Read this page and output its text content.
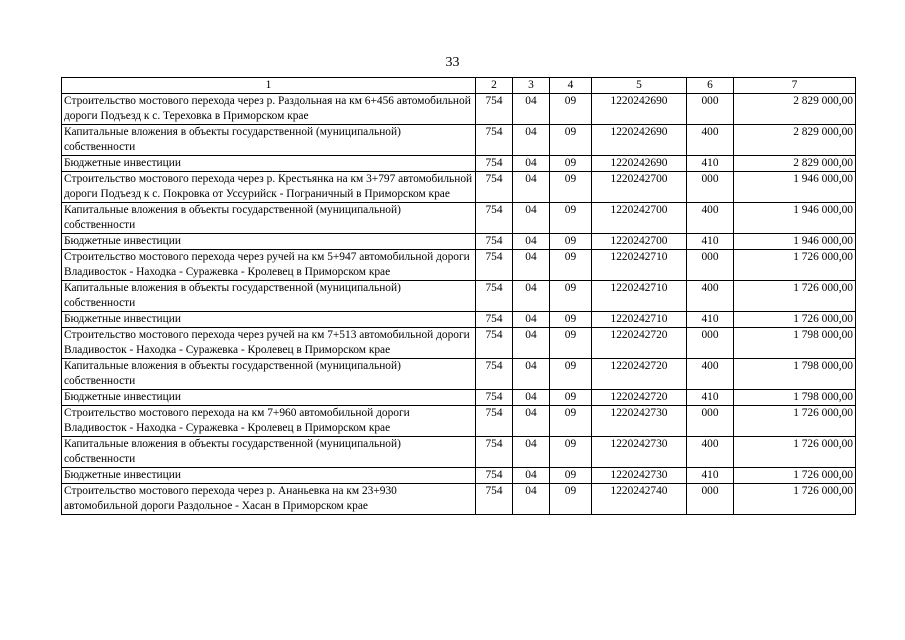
33
1	2	3	4	5	6	7
Строительство мостового перехода через р. Раздольная на км 6+456 автомобильной дороги Подъезд к с. Тереховка в Приморском крае	754	04	09	1220242690	000	2 829 000,00
Капитальные вложения в объекты государственной (муниципальной) собственности	754	04	09	1220242690	400	2 829 000,00
Бюджетные инвестиции	754	04	09	1220242690	410	2 829 000,00
Строительство мостового перехода через р. Крестьянка на км 3+797 автомобильной дороги Подъезд к с. Покровка от Уссурийск - Пограничный в Приморском крае	754	04	09	1220242700	000	1 946 000,00
Капитальные вложения в объекты государственной (муниципальной) собственности	754	04	09	1220242700	400	1 946 000,00
Бюджетные инвестиции	754	04	09	1220242700	410	1 946 000,00
Строительство мостового перехода через ручей на км 5+947 автомобильной дороги Владивосток - Находка - Суражевка - Кролевец в Приморском крае	754	04	09	1220242710	000	1 726 000,00
Капитальные вложения в объекты государственной (муниципальной) собственности	754	04	09	1220242710	400	1 726 000,00
Бюджетные инвестиции	754	04	09	1220242710	410	1 726 000,00
Строительство мостового перехода через ручей на км 7+513 автомобильной дороги Владивосток - Находка - Суражевка - Кролевец в Приморском крае	754	04	09	1220242720	000	1 798 000,00
Капитальные вложения в объекты государственной (муниципальной) собственности	754	04	09	1220242720	400	1 798 000,00
Бюджетные инвестиции	754	04	09	1220242720	410	1 798 000,00
Строительство мостового перехода на км 7+960 автомобильной дороги Владивосток - Находка - Суражевка - Кролевец в Приморском крае	754	04	09	1220242730	000	1 726 000,00
Капитальные вложения в объекты государственной (муниципальной) собственности	754	04	09	1220242730	400	1 726 000,00
Бюджетные инвестиции	754	04	09	1220242730	410	1 726 000,00
Строительство мостового перехода через р. Ананьевка на км 23+930 автомобильной дороги Раздольное - Хасан в Приморском крае	754	04	09	1220242740	000	1 726 000,00
